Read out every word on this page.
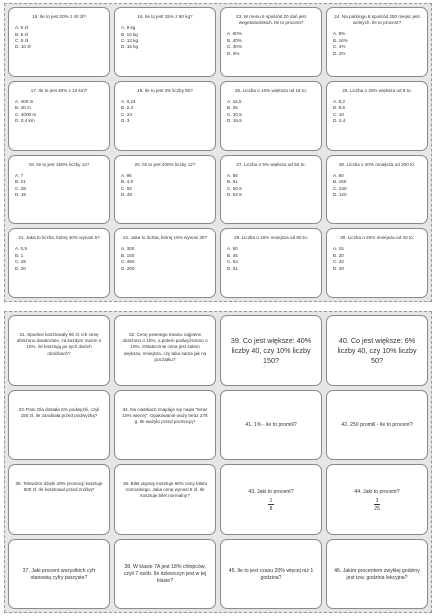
15. Ile to jest 20% z 40 zł?

A. 6 zł
B. 5 zł
C. 8 zł
D. 10 zł

16. Ile to jest 15% z 60 kg?

A. 9 kg
B. 10 kg
C. 12 kg
D. 15 kg

23. W menu 6 spośród 20 dań jest wegetariańskich. Ile to procent?

A. 60%
B. 40%
C. 30%
D. 6%

24. Na parkingu 8 spośród 200 miejsc jest wolnych. Ile to procent?

A. 8%
B. 16%
C. 4%
D. 2%

17. Ile to jest 40% z 10 km?

A. 400 m
B. 40 m
C. 4000 m
D. 0,4 km

18. Ile to jest 3% liczby 80?

A. 0,24
B. 2,4
C. 24
D. 3

25. Liczba o 10% większa od 15 to:

A. 16,5
B. 25
C. 20,5
D. 18,5

26. Liczba o 20% większa od 8 to:

A. 8,2
B. 9,6
C. 10
D. 2,4

19. Ile to jest 150% liczby 14?

A. 7
B. 21
C. 28
D. 15

20. Ile to jest 400% liczby 12?

A. 96
B. 4,8
C. 92
D. 48

27. Liczba o 5% większa od 50 to:

A. 55
B. 51
C. 50,5
D. 52,5

28. Liczba o 40% mniejsza od 200 to:

A. 80
B. 160
C. 240
D. 120

21. Jaka to liczba, której 20% wynosi 5?

A. 0,5
B. 1
C. 25
D. 20

22. Jaka to liczba, której 15% wynosi 30?

A. 300
B. 150
C. 450
D. 200

29. Liczba o 15% mniejsza od 60 to:

A. 50
B. 45
C. 54
D. 51

30. Liczba o 25% mniejsza od 40 to:

A. 15
B. 20
C. 32
D. 30

31. Spodnie kosztowały 80 zł. Ich cenę obniżono dwukrotnie, za każdym razem o 10%. Ile kosztują po tych dwóch obniżkach?

32. Cenę pewnego towaru najpierw obniżono o 10%, a potem podwyższono o 10%. Ostatecznie cena jest zatem większa, mniejsza, czy taka sama jak na początku?

39. Co jest większe: 40% liczby 40, czy 10% liczby 150?

40. Co jest większe: 6% liczby 40, czy 10% liczby 50?

33. Pani Ola dostała 5% podwyżki, czyli 150 zł. Ile zarabiała przed podwyżką?

34. Na ciastkach znajduje się napis "teraz 15% więcej". Opakowanie waży teraz 276 g. Ile ważyło przed promocją?

41. 1% - ile to promili?	42. 250 promili - ile to procent?

35. Telewizor dzięki 20% promocji kosztuje 600 zł. Ile kosztował przed zniżką?

36. Bilet ulgowy kosztuje 60% ceny biletu normalnego. Jaka cenę wynosi 5 zł. Ile kosztuje bilet normalny?

43. Jaki to procent?

$\frac{1}{8}$

44. Jaki to procent?

$\frac{3}{25}$

37. Jaki procent wszystkich cyfr stanowią cyfry parzyste?

38. W klasie 7A jest 18% chłopców, czyli 7 osób. Ile dziewczyn jest w tej klasie?

45. Ile to jest czasu 20% więcej niż 1 godzina?

46. Jakim procentem zwykłej godziny jest tzw. godzina lekcyjna?
